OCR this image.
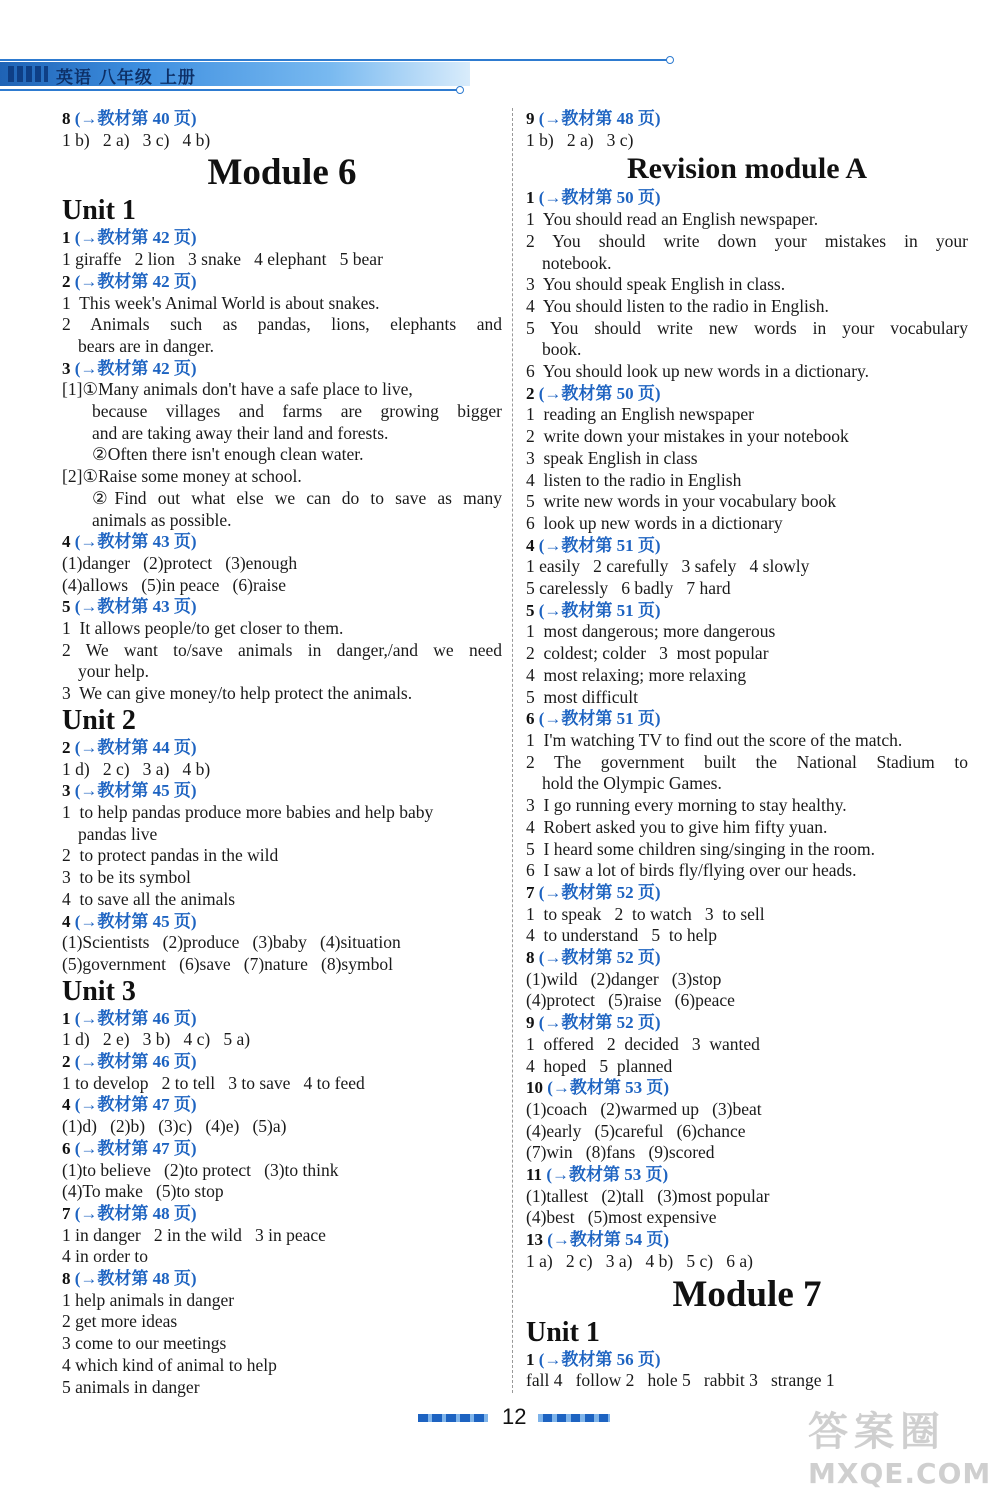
英语 八年级 上册
8 (→教材第 40 页)
1 b)   2 a)   3 c)   4 b)
Module 6
Unit 1
1 (→教材第 42 页)
1 giraffe   2 lion   3 snake   4 elephant   5 bear
2 (→教材第 42 页)
1  This week's Animal World is about snakes.
2 Animals such as pandas, lions, elephants and
bears are in danger.
3 (→教材第 42 页)
[1]①Many animals don't have a safe place to live,
because villages and farms are growing bigger
and are taking away their land and forests.
②Often there isn't enough clean water.
[2]①Raise some money at school.
②Find out what else we can do to save as many
animals as possible.
4 (→教材第 43 页)
(1)danger   (2)protect   (3)enough
(4)allows   (5)in peace   (6)raise
5 (→教材第 43 页)
1  It allows people/to get closer to them.
2 We want to/save animals in danger,/and we need
your help.
3  We can give money/to help protect the animals.
Unit 2
2 (→教材第 44 页)
1 d)   2 c)   3 a)   4 b)
3 (→教材第 45 页)
1  to help pandas produce more babies and help baby
pandas live
2  to protect pandas in the wild
3  to be its symbol
4  to save all the animals
4 (→教材第 45 页)
(1)Scientists   (2)produce   (3)baby   (4)situation
(5)government   (6)save   (7)nature   (8)symbol
Unit 3
1 (→教材第 46 页)
1 d)   2 e)   3 b)   4 c)   5 a)
2 (→教材第 46 页)
1 to develop   2 to tell   3 to save   4 to feed
4 (→教材第 47 页)
(1)d)   (2)b)   (3)c)   (4)e)   (5)a)
6 (→教材第 47 页)
(1)to believe   (2)to protect   (3)to think
(4)To make   (5)to stop
7 (→教材第 48 页)
1 in danger   2 in the wild   3 in peace
4 in order to
8 (→教材第 48 页)
1 help animals in danger
2 get more ideas
3 come to our meetings
4 which kind of animal to help
5 animals in danger
9 (→教材第 48 页)
1 b)   2 a)   3 c)
Revision module A
1 (→教材第 50 页)
1  You should read an English newspaper.
2 You should write down your mistakes in your
notebook.
3  You should speak English in class.
4  You should listen to the radio in English.
5 You should write new words in your vocabulary
book.
6  You should look up new words in a dictionary.
2 (→教材第 50 页)
1  reading an English newspaper
2  write down your mistakes in your notebook
3  speak English in class
4  listen to the radio in English
5  write new words in your vocabulary book
6  look up new words in a dictionary
4 (→教材第 51 页)
1 easily   2 carefully   3 safely   4 slowly
5 carelessly   6 badly   7 hard
5 (→教材第 51 页)
1  most dangerous; more dangerous
2  coldest; colder   3  most popular
4  most relaxing; more relaxing
5  most difficult
6 (→教材第 51 页)
1  I'm watching TV to find out the score of the match.
2 The government built the National Stadium to
hold the Olympic Games.
3  I go running every morning to stay healthy.
4  Robert asked you to give him fifty yuan.
5  I heard some children sing/singing in the room.
6  I saw a lot of birds fly/flying over our heads.
7 (→教材第 52 页)
1  to speak   2  to watch   3  to sell
4  to understand   5  to help
8 (→教材第 52 页)
(1)wild   (2)danger   (3)stop
(4)protect   (5)raise   (6)peace
9 (→教材第 52 页)
1  offered   2  decided   3  wanted
4  hoped   5  planned
10 (→教材第 53 页)
(1)coach   (2)warmed up   (3)beat
(4)early   (5)careful   (6)chance
(7)win   (8)fans   (9)scored
11 (→教材第 53 页)
(1)tallest   (2)tall   (3)most popular
(4)best   (5)most expensive
13 (→教材第 54 页)
1 a)   2 c)   3 a)   4 b)   5 c)   6 a)
Module 7
Unit 1
1 (→教材第 56 页)
fall 4   follow 2   hole 5   rabbit 3   strange 1
12	答案圈
MXQE.COM
